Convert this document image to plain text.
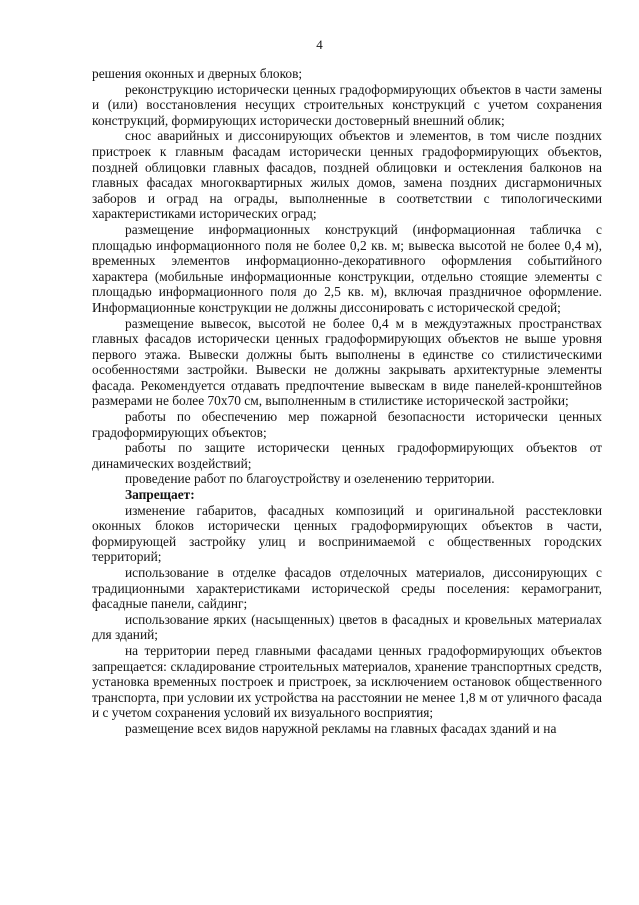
4

решения оконных и дверных блоков;

реконструкцию исторически ценных градоформирующих объектов в части замены и (или) восстановления несущих строительных конструкций с учетом сохранения конструкций, формирующих исторически достоверный внешний облик;

снос аварийных и диссонирующих объектов и элементов, в том числе поздних пристроек к главным фасадам исторически ценных градоформирующих объектов, поздней облицовки главных фасадов, поздней облицовки и остекления балконов на главных фасадах многоквартирных жилых домов, замена поздних дисгармоничных заборов и оград на ограды, выполненные в соответствии с типологическими характеристиками исторических оград;

размещение информационных конструкций (информационная табличка с площадью информационного поля не более 0,2 кв. м; вывеска высотой не более 0,4 м), временных элементов информационно-декоративного оформления событийного характера (мобильные информационные конструкции, отдельно стоящие элементы с площадью информационного поля до 2,5 кв. м), включая праздничное оформление. Информационные конструкции не должны диссонировать с исторической средой;

размещение вывесок, высотой не более 0,4 м в междуэтажных пространствах главных фасадов исторически ценных градоформирующих объектов не выше уровня первого этажа. Вывески должны быть выполнены в единстве со стилистическими особенностями застройки. Вывески не должны закрывать архитектурные элементы фасада. Рекомендуется отдавать предпочтение вывескам в виде панелей-кронштейнов размерами не более 70х70 см, выполненным в стилистике исторической застройки;

работы по обеспечению мер пожарной безопасности исторически ценных градоформирующих объектов;

работы по защите исторически ценных градоформирующих объектов от динамических воздействий;

проведение работ по благоустройству и озеленению территории.

Запрещает:

изменение габаритов, фасадных композиций и оригинальной расстекловки оконных блоков исторически ценных градоформирующих объектов в части, формирующей застройку улиц и воспринимаемой с общественных городских территорий;

использование в отделке фасадов отделочных материалов, диссонирующих с традиционными характеристиками исторической среды поселения: керамогранит, фасадные панели, сайдинг;

использование ярких (насыщенных) цветов в фасадных и кровельных материалах для зданий;

на территории перед главными фасадами ценных градоформирующих объектов запрещается: складирование строительных материалов, хранение транспортных средств, установка временных построек и пристроек, за исключением остановок общественного транспорта, при условии их устройства на расстоянии не менее 1,8 м от уличного фасада и с учетом сохранения условий их визуального восприятия;

размещение всех видов наружной рекламы на главных фасадах зданий и на
